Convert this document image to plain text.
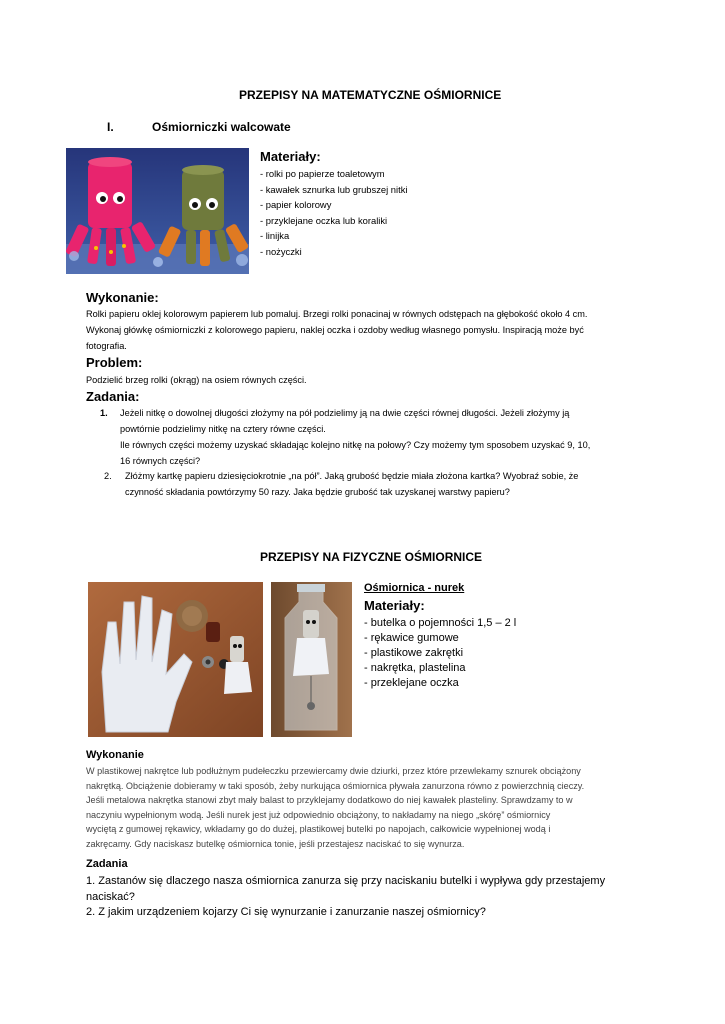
PRZEPISY NA MATEMATYCZNE OŚMIORNICE
I.	Ośmiorniczki walcowate
Materiały:
- rolki po papierze toaletowym
- kawałek sznurka lub grubszej nitki
- papier kolorowy
- przyklejane oczka lub koraliki
- linijka
- nożyczki
Wykonanie:
Rolki papieru oklej kolorowym papierem lub pomaluj. Brzegi rolki ponacinaj w równych odstępach na głębokość około 4 cm.
Wykonaj główkę ośmiorniczki z kolorowego papieru, naklej oczka i ozdoby według własnego pomysłu. Inspiracją może być
fotografia.
Problem:
Podzielić brzeg rolki (okrąg) na osiem równych części.
Zadania:
1. Jeżeli nitkę o dowolnej długości złożymy na pół podzielimy ją na dwie części równej długości. Jeżeli złożymy ją
powtórnie podzielimy nitkę na cztery równe części.
Ile równych części możemy uzyskać składając kolejno nitkę na połowy? Czy możemy tym sposobem uzyskać 9, 10,
16 równych części?
2. Złóżmy kartkę papieru dziesięciokrotnie „na pół”. Jaką grubość będzie miała złożona kartka? Wyobraź sobie, że
czynność składania powtórzymy 50 razy. Jaka będzie grubość tak uzyskanej warstwy papieru?
PRZEPISY NA FIZYCZNE OŚMIORNICE
Ośmiornica - nurek
Materiały:
- butelka o pojemności 1,5 – 2 l
- rękawice gumowe
- plastikowe zakrętki
- nakrętka, plastelina
- przeklejane oczka
Wykonanie
W plastikowej nakrętce lub podłużnym pudełeczku przewiercamy dwie dziurki, przez które przewlekamy sznurek obciążony
nakrętką. Obciążenie dobieramy w taki sposób, żeby nurkująca ośmiornica pływała zanurzona równo z powierzchnią cieczy.
Jeśli metalowa nakrętka stanowi zbyt mały balast to przyklejamy dodatkowo do niej kawałek plasteliny. Sprawdzamy to w
naczyniu wypełnionym wodą. Jeśli nurek jest już odpowiednio obciążony, to nakładamy na niego „skórę” ośmiornicy
wyciętą z gumowej rękawicy, wkładamy go do dużej, plastikowej butelki po napojach, całkowicie wypełnionej wodą i
zakręcamy. Gdy naciskasz butelkę ośmiornica tonie, jeśli przestajesz naciskać to się wynurza.
Zadania
1. Zastanów się dlaczego nasza ośmiornica zanurza się przy naciskaniu butelki i wypływa gdy przestajemy
naciskać?
2. Z jakim urządzeniem kojarzy Ci się wynurzanie i zanurzanie naszej ośmiornicy?
